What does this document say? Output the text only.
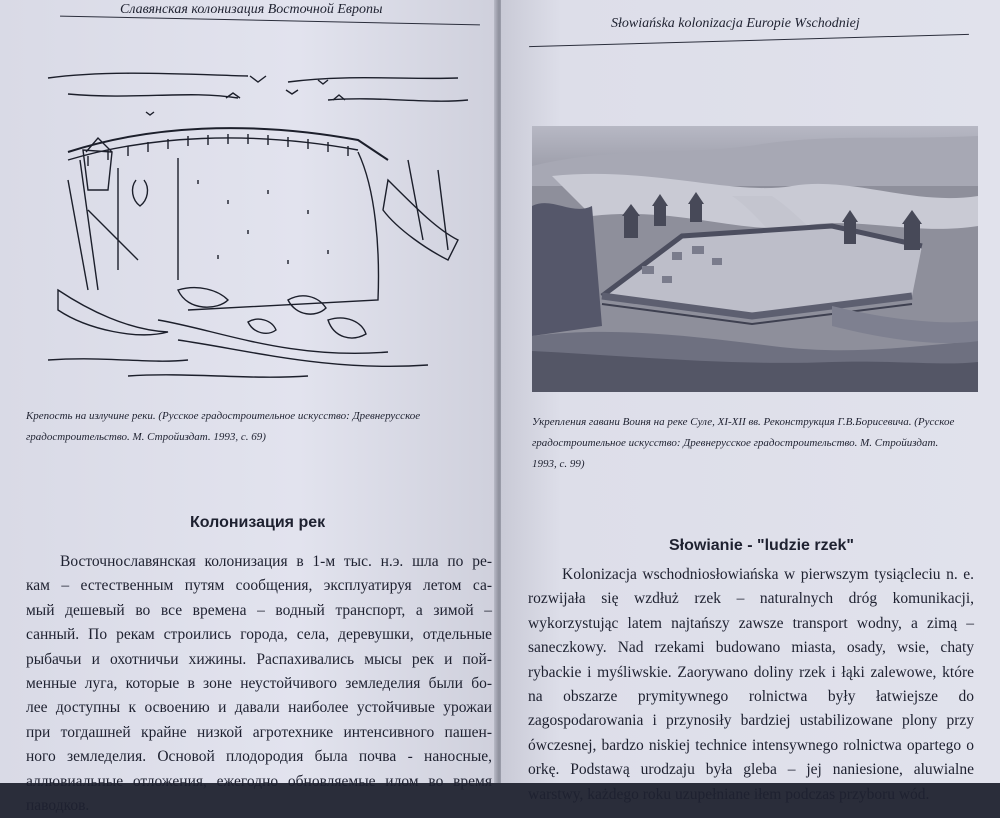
Славянская колонизация Восточной Европы
Крепость на излучине реки. (Русское градостроительное искусство: Древнерусское
градостроительство. М. Стройиздат. 1993, с. 69)
Колонизация рек
Восточнославянская колонизация в 1-м тыс. н.э. шла по ре-
кам – естественным путям сообщения, эксплуатируя летом са-
мый дешевый во все времена – водный транспорт, а зимой –
санный. По рекам строились города, села, деревушки, отдельные
рыбачьи и охотничьи хижины. Распахивались мысы рек и пой-
менные луга, которые в зоне неустойчивого земледелия были бо-
лее доступны к освоению и давали наиболее устойчивые урожаи
при тогдашней крайне низкой агротехнике интенсивного пашен-
ного земледелия. Основой плодородия была почва - наносные,
аллювиальные отложения, ежегодно обновляемые илом во время
паводков.
Słowiańska kolonizacja Europie Wschodniej
Укрепления гавани Воиня на реке Суле, XI-XII вв. Реконструкция Г.В.Борисевича. (Русское
градостроительное искусство: Древнерусское градостроительство. М. Стройиздат.
1993, с. 99)
Słowianie - "ludzie rzek"
Kolonizacja wschodniosłowiańska w pierwszym tysiącleciu n. e.
rozwijała się wzdłuż rzek – naturalnych dróg komunikacji,
wykorzystując latem najtańszy zawsze transport wodny, a zimą –
saneczkowy. Nad rzekami budowano miasta, osady, wsie, chaty
rybackie i myśliwskie. Zaorywano doliny rzek i łąki zalewowe, które
na obszarze prymitywnego rolnictwa były łatwiejsze do
zagospodarowania i przynosiły bardziej ustabilizowane plony przy
ówczesnej, bardzo niskiej technice intensywnego rolnictwa opartego o
orkę. Podstawą urodzaju była gleba – jej naniesione, aluwialne
warstwy, każdego roku uzupełniane iłem podczas przyboru wód.
